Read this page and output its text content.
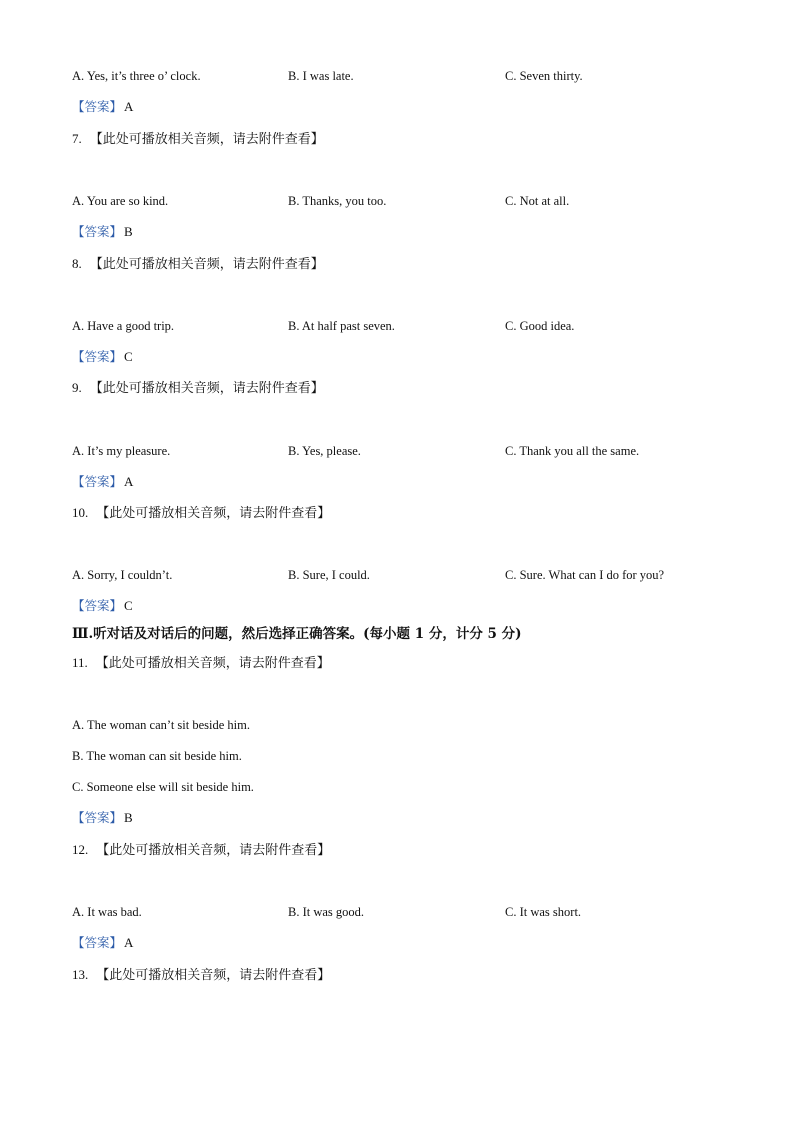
A. Yes, it’s three o’ clock.	B. I was late.	C. Seven thirty.
【答案】 A
7. 【此处可播放相关音频，请去附件查看】
A. You are so kind.	B. Thanks, you too.	C. Not at all.
【答案】 B
8. 【此处可播放相关音频，请去附件查看】
A. Have a good trip.	B. At half past seven.	C. Good idea.
【答案】 C
9. 【此处可播放相关音频，请去附件查看】
A. It’s my pleasure.	B. Yes, please.	C. Thank you all the same.
【答案】 A
10. 【此处可播放相关音频，请去附件查看】
A. Sorry, I couldn’t.	B. Sure, I could.	C. Sure. What can I do for you?
【答案】 C
Ⅲ.听对话及对话后的问题，然后选择正确答案。(每小题 1 分，计分 5 分)
11. 【此处可播放相关音频，请去附件查看】
A. The woman can’t sit beside him.
B. The woman can sit beside him.
C. Someone else will sit beside him.
【答案】 B
12. 【此处可播放相关音频，请去附件查看】
A. It was bad.	B. It was good.	C. It was short.
【答案】 A
13. 【此处可播放相关音频，请去附件查看】
